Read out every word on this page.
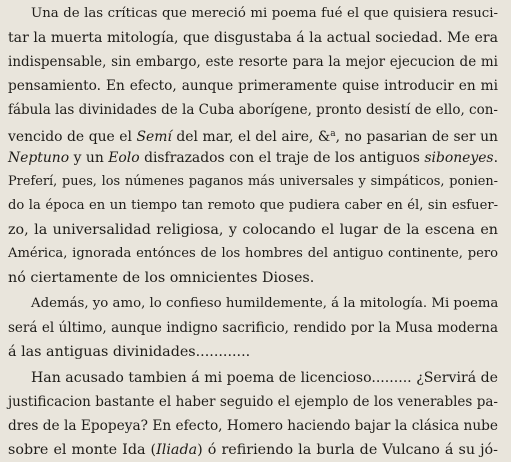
Una de las críticas que mereció mi poema fué el que quisiera resuci-

tar la muerta mitología, que disgustaba á la actual sociedad. Me era

indispensable, sin embargo, este resorte para la mejor ejecucion de mi

pensamiento. En efecto, aunque primeramente quise introducir en mi

fábula las divinidades de la Cuba aborígene, pronto desistí de ello, con-

vencido de que el Semí del mar, el del aire, &$^a$, no pasarian de ser un

Neptuno y un Eolo disfrazados con el traje de los antiguos siboneyes.

Preferí, pues, los númenes paganos más universales y simpáticos, ponien-

do la época en un tiempo tan remoto que pudiera caber en él, sin esfuer-

zo, la universalidad religiosa, y colocando el lugar de la escena en

América, ignorada entónces de los hombres del antiguo continente, pero

nó ciertamente de los omnicientes Dioses.

Además, yo amo, lo confieso humildemente, á la mitología. Mi poema

será el último, aunque indigno sacrificio, rendido por la Musa moderna

á las antiguas divinidades............

Han acusado tambien á mi poema de licencioso......... ¿Servirá de

justificacion bastante el haber seguido el ejemplo de los venerables pa-

dres de la Epopeya? En efecto, Homero haciendo bajar la clásica nube

sobre el monte Ida (Iliada) ó refiriendo la burla de Vulcano á su jó-
